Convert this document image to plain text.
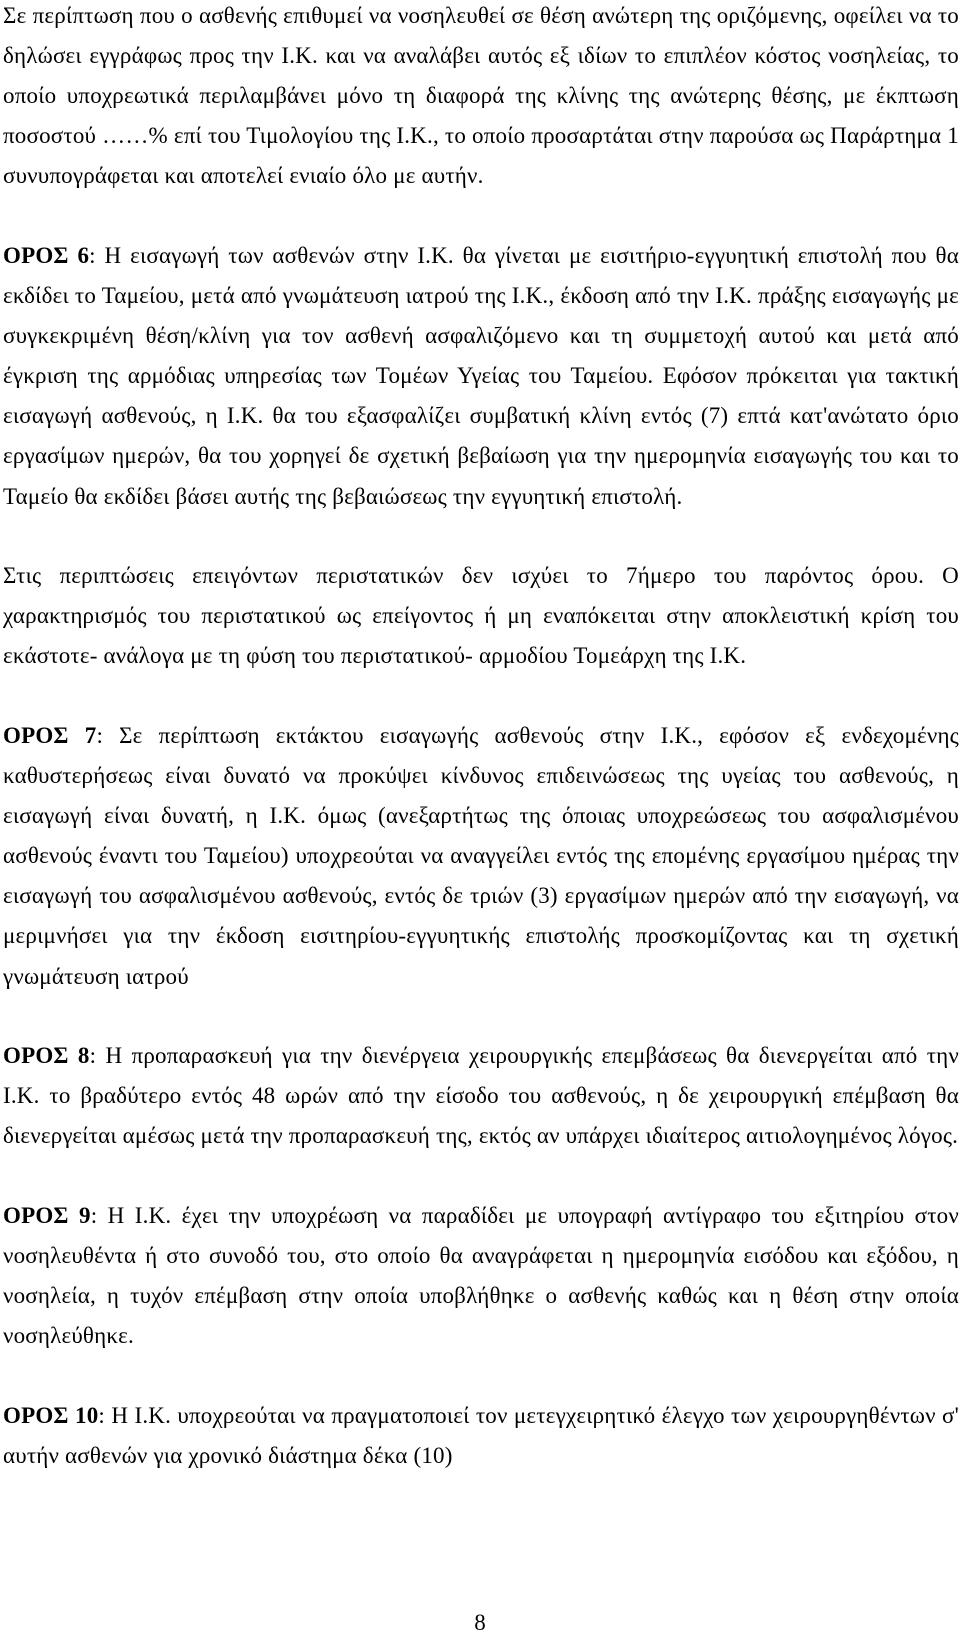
Σε περίπτωση που ο ασθενής επιθυμεί να νοσηλευθεί σε θέση ανώτερη της οριζόμενης, οφείλει να το δηλώσει εγγράφως προς την Ι.Κ. και να αναλάβει αυτός εξ ιδίων το επιπλέον κόστος νοσηλείας, το οποίο υποχρεωτικά περιλαμβάνει μόνο τη διαφορά της κλίνης της ανώτερης θέσης, με έκπτωση ποσοστού ……% επί του Τιμολογίου της Ι.Κ., το οποίο προσαρτάται στην παρούσα ως Παράρτημα 1 συνυπογράφεται και αποτελεί ενιαίο όλο με αυτήν.

ΟΡΟΣ 6: Η εισαγωγή των ασθενών στην Ι.Κ. θα γίνεται με εισιτήριο-εγγυητική επιστολή που θα εκδίδει το Ταμείου, μετά από γνωμάτευση ιατρού της Ι.Κ., έκδοση από την Ι.Κ. πράξης εισαγωγής με συγκεκριμένη θέση/κλίνη για τον ασθενή ασφαλιζόμενο και τη συμμετοχή αυτού και μετά από έγκριση της αρμόδιας υπηρεσίας των Τομέων Υγείας του Ταμείου. Εφόσον πρόκειται για τακτική εισαγωγή ασθενούς, η Ι.Κ. θα του εξασφαλίζει συμβατική κλίνη εντός (7) επτά κατ'ανώτατο όριο εργασίμων ημερών, θα του χορηγεί δε σχετική βεβαίωση για την ημερομηνία εισαγωγής του και το Ταμείο θα εκδίδει βάσει αυτής της βεβαιώσεως την εγγυητική επιστολή.

Στις περιπτώσεις επειγόντων περιστατικών δεν ισχύει το 7ήμερο του παρόντος όρου. Ο χαρακτηρισμός του περιστατικού ως επείγοντος ή μη εναπόκειται στην αποκλειστική κρίση του εκάστοτε- ανάλογα με τη φύση του περιστατικού- αρμοδίου Τομεάρχη της Ι.Κ.

ΟΡΟΣ 7: Σε περίπτωση εκτάκτου εισαγωγής ασθενούς στην Ι.Κ., εφόσον εξ ενδεχομένης καθυστερήσεως είναι δυνατό να προκύψει κίνδυνος επιδεινώσεως της υγείας του ασθενούς, η εισαγωγή είναι δυνατή, η Ι.Κ. όμως (ανεξαρτήτως της όποιας υποχρεώσεως του ασφαλισμένου ασθενούς έναντι του Ταμείου) υποχρεούται να αναγγείλει εντός της επομένης εργασίμου ημέρας την εισαγωγή του ασφαλισμένου ασθενούς, εντός δε τριών (3) εργασίμων ημερών από την εισαγωγή, να μεριμνήσει για την έκδοση εισιτηρίου-εγγυητικής επιστολής προσκομίζοντας και τη σχετική γνωμάτευση ιατρού

ΟΡΟΣ 8: Η προπαρασκευή για την διενέργεια χειρουργικής επεμβάσεως θα διενεργείται από την Ι.Κ. το βραδύτερο εντός 48 ωρών από την είσοδο του ασθενούς, η δε χειρουργική επέμβαση θα διενεργείται αμέσως μετά την προπαρασκευή της, εκτός αν υπάρχει ιδιαίτερος αιτιολογημένος λόγος.

ΟΡΟΣ 9: Η Ι.Κ. έχει την υποχρέωση να παραδίδει με υπογραφή αντίγραφο του εξιτηρίου στον νοσηλευθέντα ή στο συνοδό του, στο οποίο θα αναγράφεται η ημερομηνία εισόδου και εξόδου, η νοσηλεία, η τυχόν επέμβαση στην οποία υποβλήθηκε ο ασθενής καθώς και η θέση στην οποία νοσηλεύθηκε.

ΟΡΟΣ 10: Η Ι.Κ. υποχρεούται να πραγματοποιεί τον μετεγχειρητικό έλεγχο των χειρουργηθέντων σ' αυτήν ασθενών για χρονικό διάστημα δέκα (10)

8
